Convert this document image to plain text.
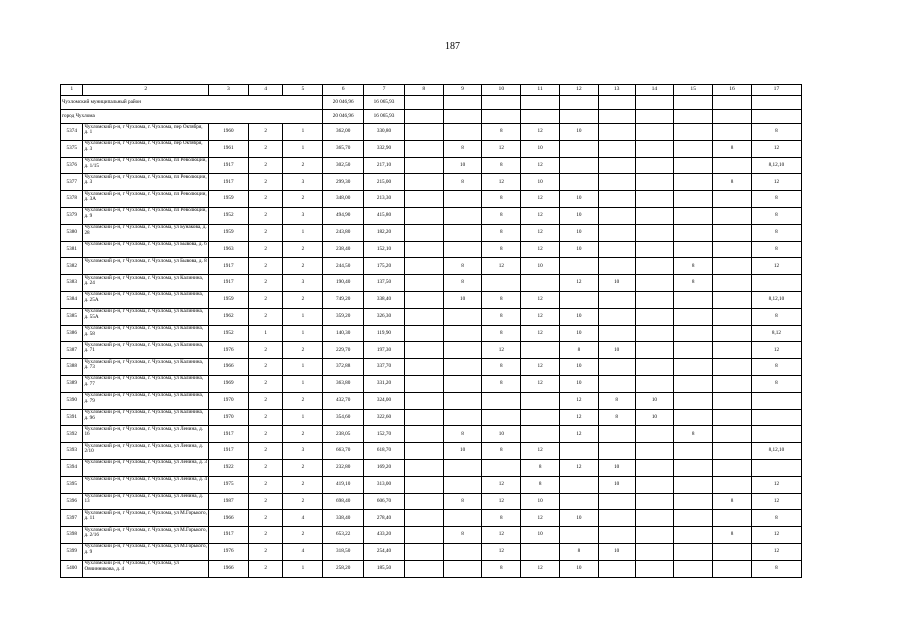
187
1	2	3	4	5	6	7	8	9	10	11	12	13	14	15	16	17
Чухломский муниципальный район					20 046,96	16 065,93										
город Чухлома					20 046,96	16 065,93										
5374	Чухломский р-н, г Чухлома, г. Чухлома, пер Октября, д. 1	1960	2	1	362,00	330,80			8	12	10					8
5375	Чухломский р-н, г Чухлома, г. Чухлома, пер Октября, д. 3	1961	2	1	365,70	332,90		8	12	10					8	12
5376	Чухломский р-н, г Чухлома, г. Чухлома, пл Революции, д. 1/15	1917	2	2	302,50	217,10		10	8	12						8,12,10
5377	Чухломский р-н, г Чухлома, г. Чухлома, пл Революции, д. 3	1917	2	3	299,30	215,00		8	12	10					8	12
5378	Чухломский р-н, г Чухлома, г. Чухлома, пл Революции, д. 3А	1959	2	2	348,00	213,30			8	12	10					8
5379	Чухломский р-н, г Чухлома, г. Чухлома, пл Революции, д. 9	1952	2	3	494,90	415,80			8	12	10					8
5380	Чухломский р-н, г Чухлома, г. Чухлома, ул Бунакова, д. 28	1959	2	1	243,80	182,20			8	12	10					8
5381	Чухломский р-н, г Чухлома, г. Чухлома, ул Бывова, д. 6	1963	2	2	238,40	152,10			8	12	10					8
5382	Чухломский р-н, г Чухлома, г. Чухлома, ул Бывова, д. 8	1917	2	2	244,50	175,20		8	12	10				8		12
5383	Чухломский р-н, г Чухлома, г. Чухлома, ул Калинина, д. 24	1917	2	3	190,40	137,50		8			12	10		8		
5384	Чухломский р-н, г Чухлома, г. Чухлома, ул Калинина, д. 25А	1959	2	2	749,20	338,40		10	8	12						8,12,10
5385	Чухломский р-н, г Чухлома, г. Чухлома, ул Калинина, д. 55А	1962	2	1	359,20	326,30			8	12	10					8
5386	Чухломский р-н, г Чухлома, г. Чухлома, ул Калинина, д. 58	1952	1	1	140,30	119,90			8	12	10					8,12
5387	Чухломский р-н, г Чухлома, г. Чухлома, ул Калинина, д. 71	1976	2	2	229,70	197,30			12		8	10				12
5388	Чухломский р-н, г Чухлома, г. Чухлома, ул Калинина, д. 73	1966	2	1	372,88	337,70			8	12	10					8
5389	Чухломский р-н, г Чухлома, г. Чухлома, ул Калинина, д. 77	1969	2	1	363,80	331,20			8	12	10					8
5390	Чухломский р-н, г Чухлома, г. Чухлома, ул Калинина, д. 79	1970	2	2	432,70	324,00					12	8	10			
5391	Чухломский р-н, г Чухлома, г. Чухлома, ул Калинина, д. 96	1970	2	1	354,60	322,60					12	8	10			
5392	Чухломский р-н, г Чухлома, г. Чухлома, ул Ленина, д. 16	1917	2	2	238,05	152,70		8	10		12			8		
5393	Чухломский р-н, г Чухлома, г. Чухлома, ул Ленина, д. 2/10	1917	2	3	663,70	618,70		10	8	12						8,12,10
5394	Чухломский р-н, г Чухлома, г. Чухлома, ул Ленина, д. 3	1922	2	2	232,80	169,20				8	12	10				
5395	Чухломский р-н, г Чухлома, г. Чухлома, ул Ленина, д. 4	1975	2	2	419,10	313,00			12	8		10				12
5396	Чухломский р-н, г Чухлома, г. Чухлома, ул Ленина, д. 13	1987	2	2	698,40	606,70		8	12	10					8	12
5397	Чухломский р-н, г Чухлома, г. Чухлома, ул М.Горького, д. 11	1966	2	4	338,40	278,40			8	12	10					8
5398	Чухломский р-н, г Чухлома, г. Чухлома, ул М.Горького, д. 2/16	1917	2	2	653,22	433,20		8	12	10					8	12
5399	Чухломский р-н, г Чухлома, г. Чухлома, ул М.Горького, д. 9	1976	2	4	318,50	254,40			12		8	10				12
5400	Чухломский р-н, г Чухлома, г. Чухлома, ул Овчинникова, д. 4	1966	2	1	258,20	185,50			8	12	10					8
